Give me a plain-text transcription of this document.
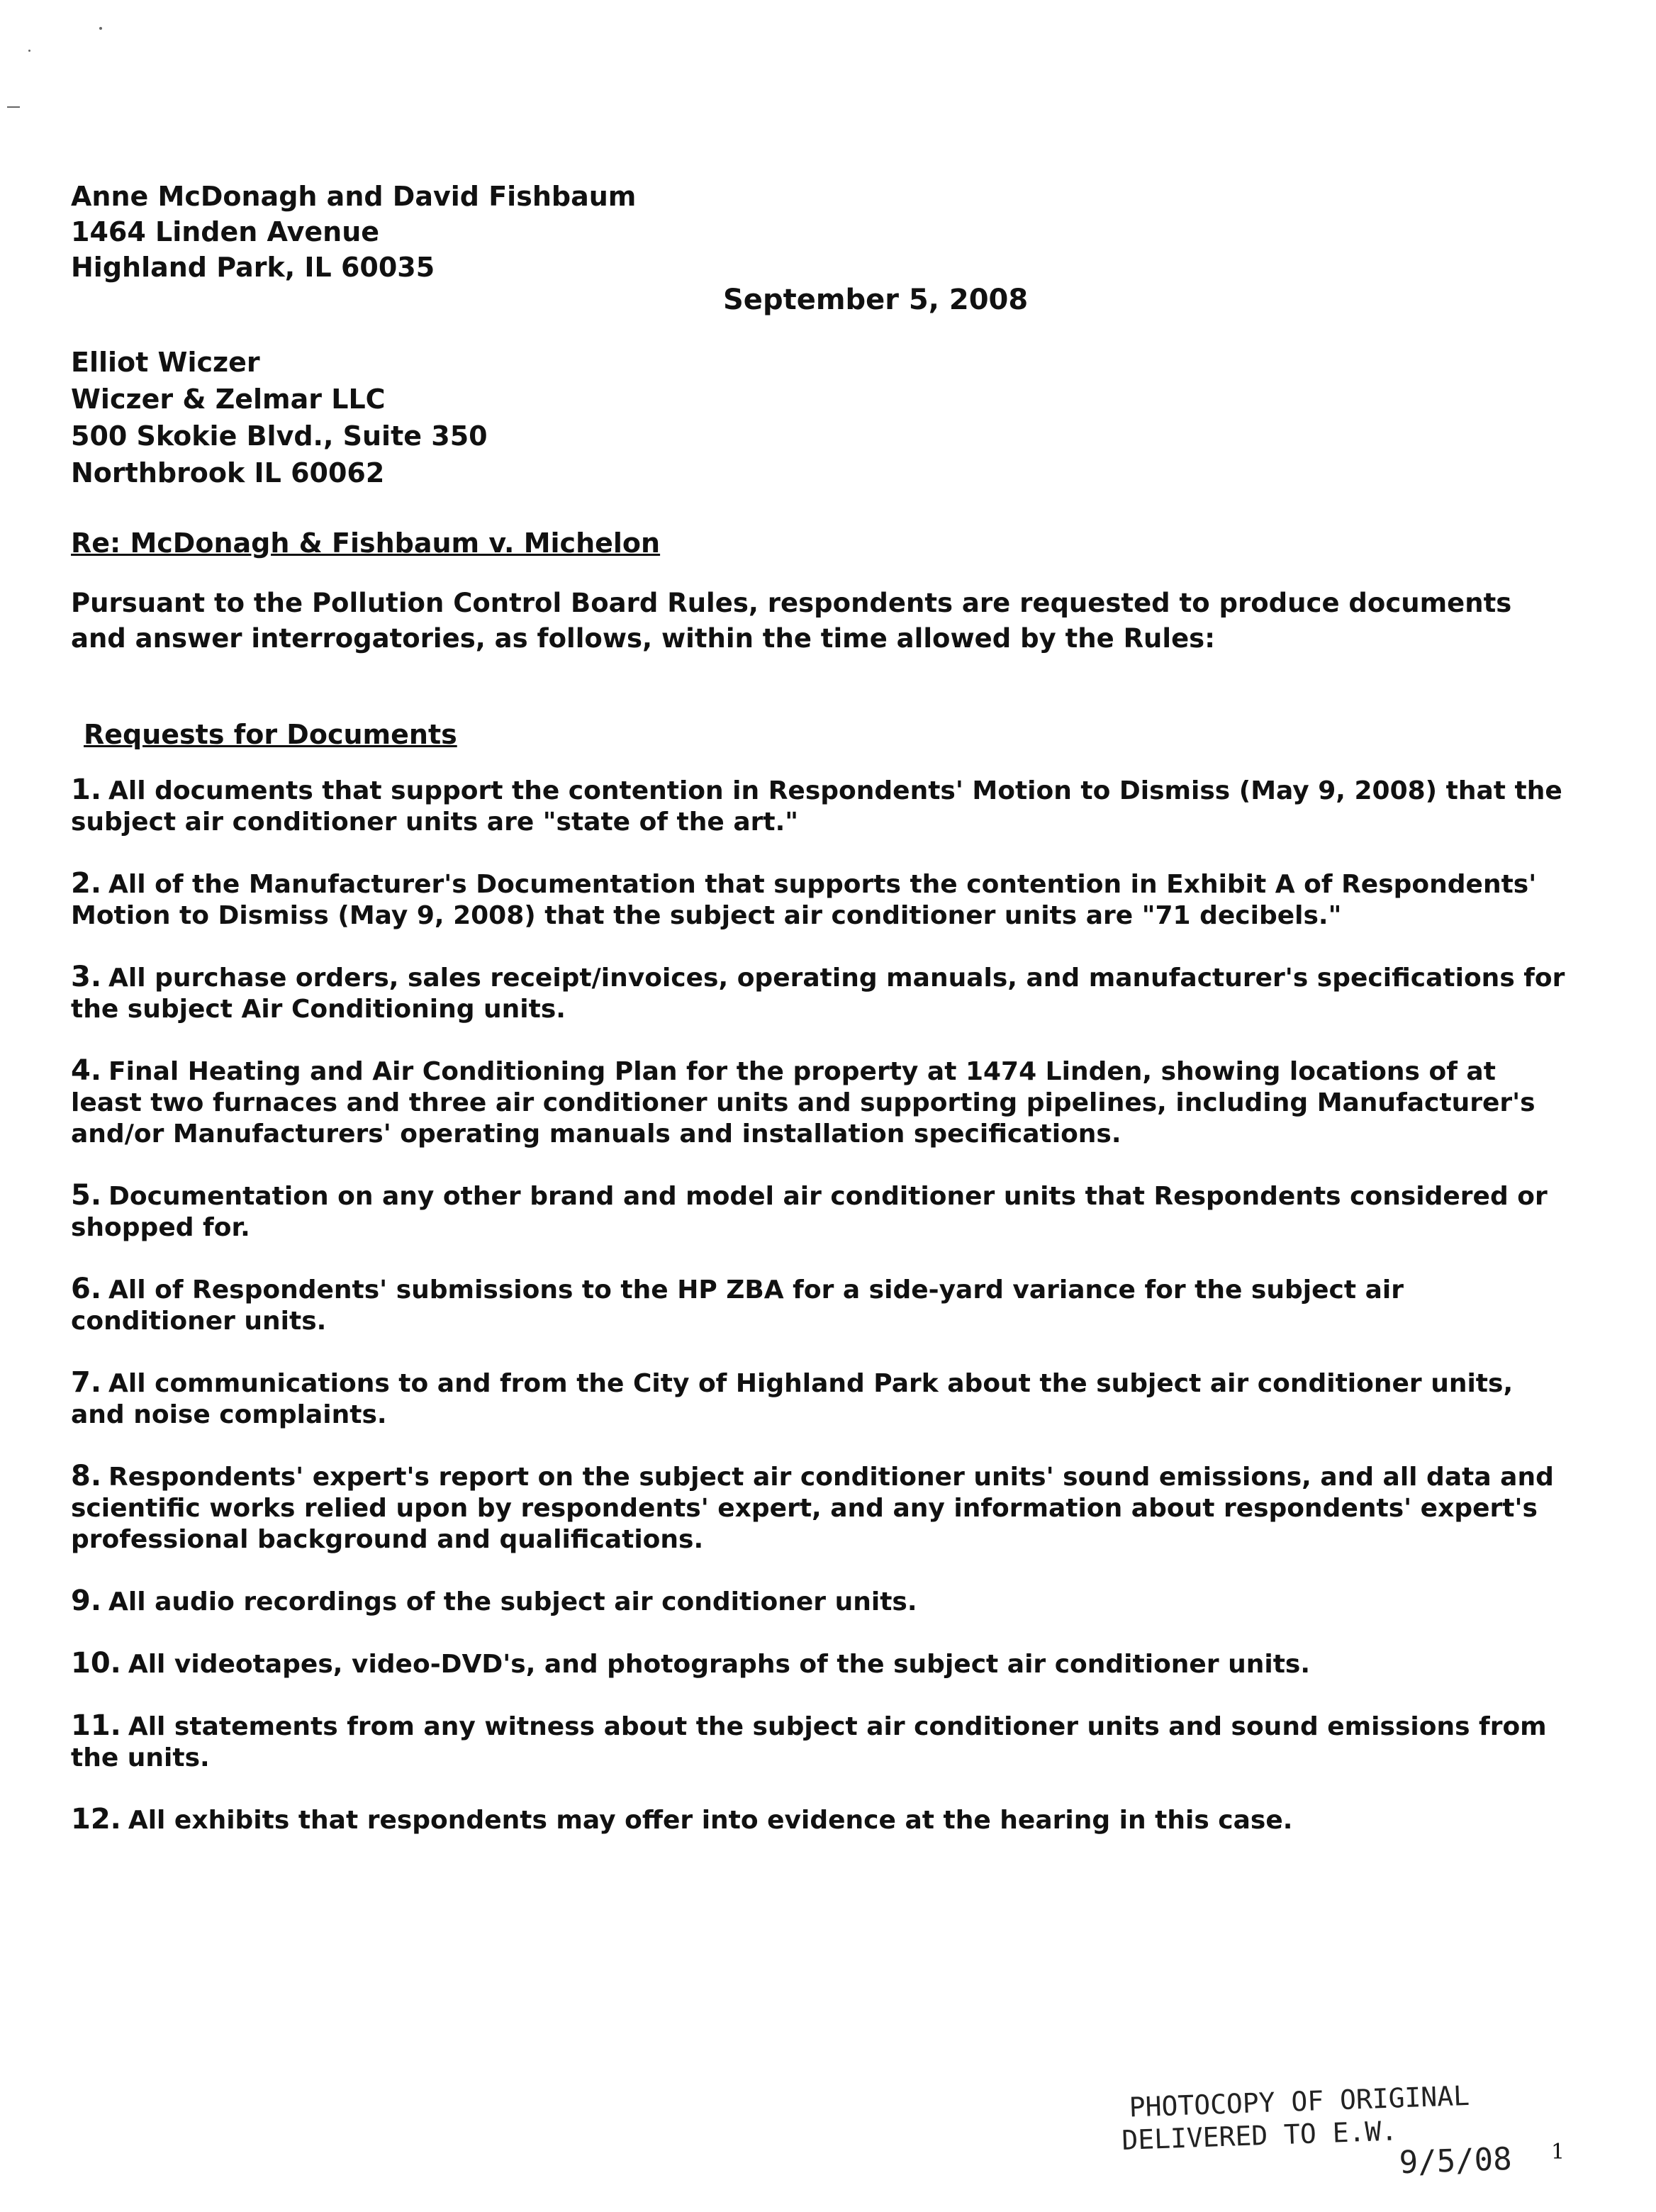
Anne McDonagh and David Fishbaum
1464 Linden Avenue
Highland Park, IL 60035
September 5, 2008
Elliot Wiczer
Wiczer & Zelmar LLC
500 Skokie Blvd., Suite 350
Northbrook IL 60062
Re: McDonagh & Fishbaum v. Michelon
Pursuant to the Pollution Control Board Rules, respondents are requested to produce documents and answer interrogatories, as follows, within the time allowed by the Rules:
Requests for Documents
1. All documents that support the contention in Respondents' Motion to Dismiss (May 9, 2008) that the subject air conditioner units are "state of the art."
2. All of the Manufacturer's Documentation that supports the contention in Exhibit A of Respondents' Motion to Dismiss (May 9, 2008) that the subject air conditioner units are "71 decibels."
3. All purchase orders, sales receipt/invoices, operating manuals, and manufacturer's specifications for the subject Air Conditioning units.
4. Final Heating and Air Conditioning Plan for the property at 1474 Linden, showing locations of at least two furnaces and three air conditioner units and supporting pipelines, including Manufacturer's and/or Manufacturers' operating manuals and installation specifications.
5. Documentation on any other brand and model air conditioner units that Respondents considered or shopped for.
6. All of Respondents' submissions to the HP ZBA for a side-yard variance for the subject air conditioner units.
7. All communications to and from the City of Highland Park about the subject air conditioner units, and noise complaints.
8. Respondents' expert's report on the subject air conditioner units' sound emissions, and all data and scientific works relied upon by respondents' expert, and any information about respondents' expert's professional background and qualifications.
9. All audio recordings of the subject air conditioner units.
10. All videotapes, video-DVD's, and photographs of the subject air conditioner units.
11. All statements from any witness about the subject air conditioner units and sound emissions from the units.
12. All exhibits that respondents may offer into evidence at the hearing in this case.
PHOTOCOPY OF ORIGINAL
DELIVERED TO E.W.
9/5/08 1
